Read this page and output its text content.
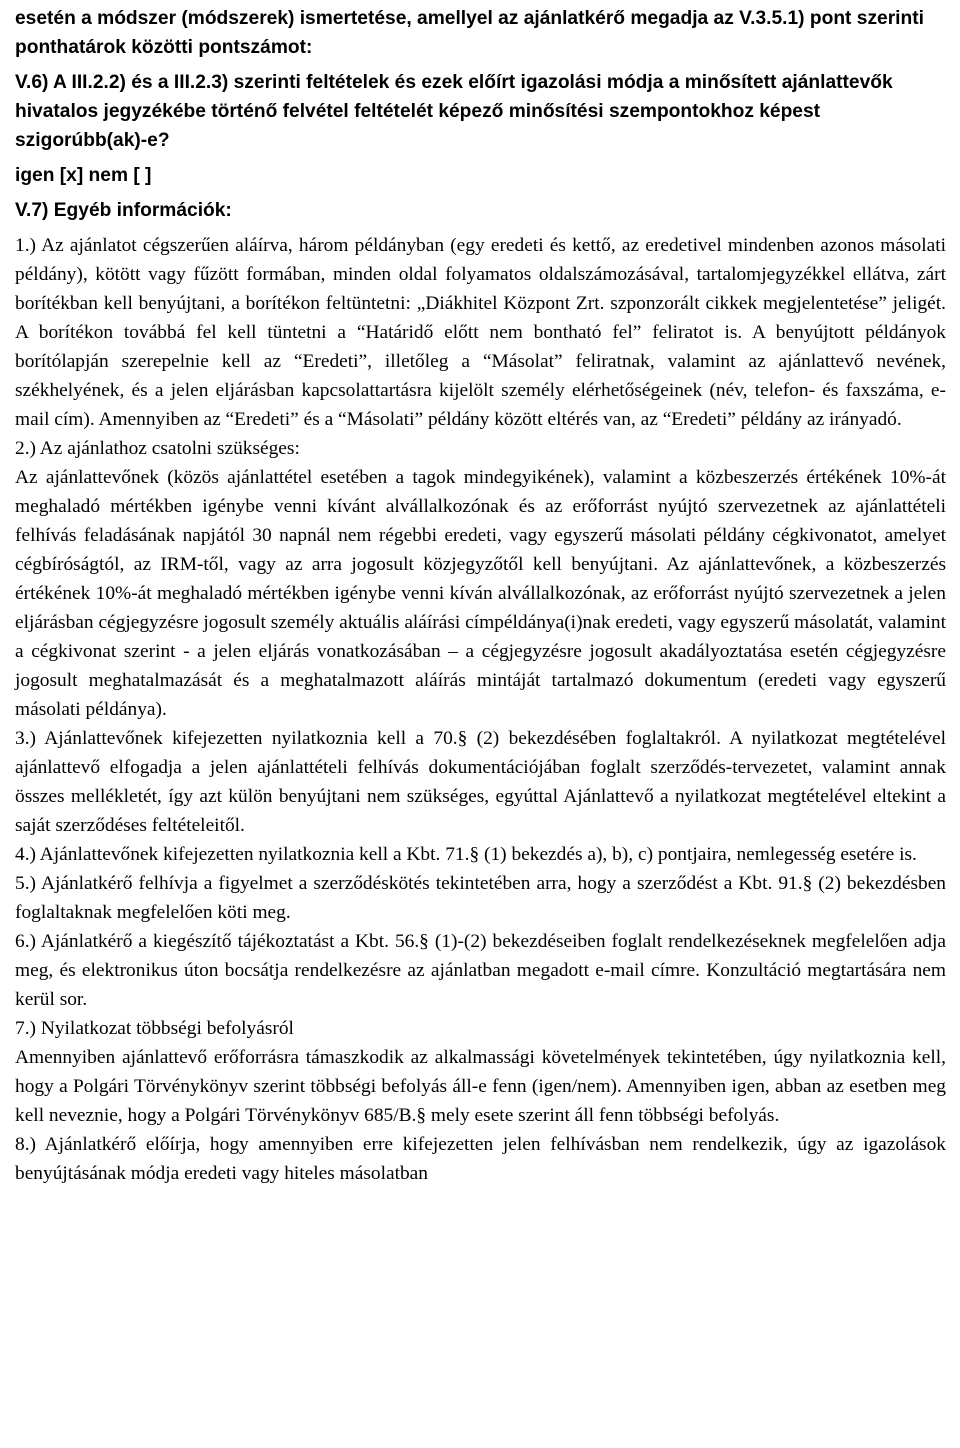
esetén a módszer (módszerek) ismertetése, amellyel az ajánlatkérő megadja az V.3.5.1) pont szerinti ponthatárok közötti pontszámot:

V.6) A III.2.2) és a III.2.3) szerinti feltételek és ezek előírt igazolási módja a minősített ajánlattevők hivatalos jegyzékébe történő felvétel feltételét képező minősítési szempontokhoz képest szigorúbb(ak)-e?

igen [x] nem [ ]

V.7) Egyéb információk:

1.) Az ajánlatot cégszerűen aláírva, három példányban (egy eredeti és kettő, az eredetivel mindenben azonos másolati példány), kötött vagy fűzött formában, minden oldal folyamatos oldalszámozásával, tartalomjegyzékkel ellátva, zárt borítékban kell benyújtani, a borítékon feltüntetni: „Diákhitel Központ Zrt. szponzorált cikkek megjelentetése” jeligét. A borítékon továbbá fel kell tüntetni a “Határidő előtt nem bontható fel” feliratot is. A benyújtott példányok borítólapján szerepelnie kell az “Eredeti”, illetőleg a “Másolat” feliratnak, valamint az ajánlattevő nevének, székhelyének, és a jelen eljárásban kapcsolattartásra kijelölt személy elérhetőségeinek (név, telefon- és faxszáma, e-mail cím). Amennyiben az “Eredeti” és a “Másolati” példány között eltérés van, az “Eredeti” példány az irányadó.

2.) Az ajánlathoz csatolni szükséges:
Az ajánlattevőnek (közös ajánlattétel esetében a tagok mindegyikének), valamint a közbeszerzés értékének 10%-át meghaladó mértékben igénybe venni kívánt alvállalkozónak és az erőforrást nyújtó szervezetnek az ajánlattételi felhívás feladásának napjától 30 napnál nem régebbi eredeti, vagy egyszerű másolati példány cégkivonatot, amelyet cégbíróságtól, az IRM-től, vagy az arra jogosult közjegyzőtől kell benyújtani. Az ajánlattevőnek, a közbeszerzés értékének 10%-át meghaladó mértékben igénybe venni kíván alvállalkozónak, az erőforrást nyújtó szervezetnek a jelen eljárásban cégjegyzésre jogosult személy aktuális aláírási címpéldánya(i)nak eredeti, vagy egyszerű másolatát, valamint a cégkivonat szerint - a jelen eljárás vonatkozásában – a cégjegyzésre jogosult akadályoztatása esetén cégjegyzésre jogosult meghatalmazását és a meghatalmazott aláírás mintáját tartalmazó dokumentum (eredeti vagy egyszerű másolati példánya).

3.) Ajánlattevőnek kifejezetten nyilatkoznia kell a 70.§ (2) bekezdésében foglaltakról. A nyilatkozat megtételével ajánlattevő elfogadja a jelen ajánlattételi felhívás dokumentációjában foglalt szerződés-tervezetet, valamint annak összes mellékletét, így azt külön benyújtani nem szükséges, egyúttal Ajánlattevő a nyilatkozat megtételével eltekint a saját szerződéses feltételeitől.

4.) Ajánlattevőnek kifejezetten nyilatkoznia kell a Kbt. 71.§ (1) bekezdés a), b), c) pontjaira, nemlegesség esetére is.

5.) Ajánlatkérő felhívja a figyelmet a szerződéskötés tekintetében arra, hogy a szerződést a Kbt. 91.§ (2) bekezdésben foglaltaknak megfelelően köti meg.

6.) Ajánlatkérő a kiegészítő tájékoztatást a Kbt. 56.§ (1)-(2) bekezdéseiben foglalt rendelkezéseknek megfelelően adja meg, és elektronikus úton bocsátja rendelkezésre az ajánlatban megadott e-mail címre. Konzultáció megtartására nem kerül sor.

7.) Nyilatkozat többségi befolyásról
Amennyiben ajánlattevő erőforrásra támaszkodik az alkalmassági követelmények tekintetében, úgy nyilatkoznia kell, hogy a Polgári Törvénykönyv szerint többségi befolyás áll-e fenn (igen/nem). Amennyiben igen, abban az esetben meg kell neveznie, hogy a Polgári Törvénykönyv 685/B.§ mely esete szerint áll fenn többségi befolyás.

8.) Ajánlatkérő előírja, hogy amennyiben erre kifejezetten jelen felhívásban nem rendelkezik, úgy az igazolások benyújtásának módja eredeti vagy hiteles másolatban
